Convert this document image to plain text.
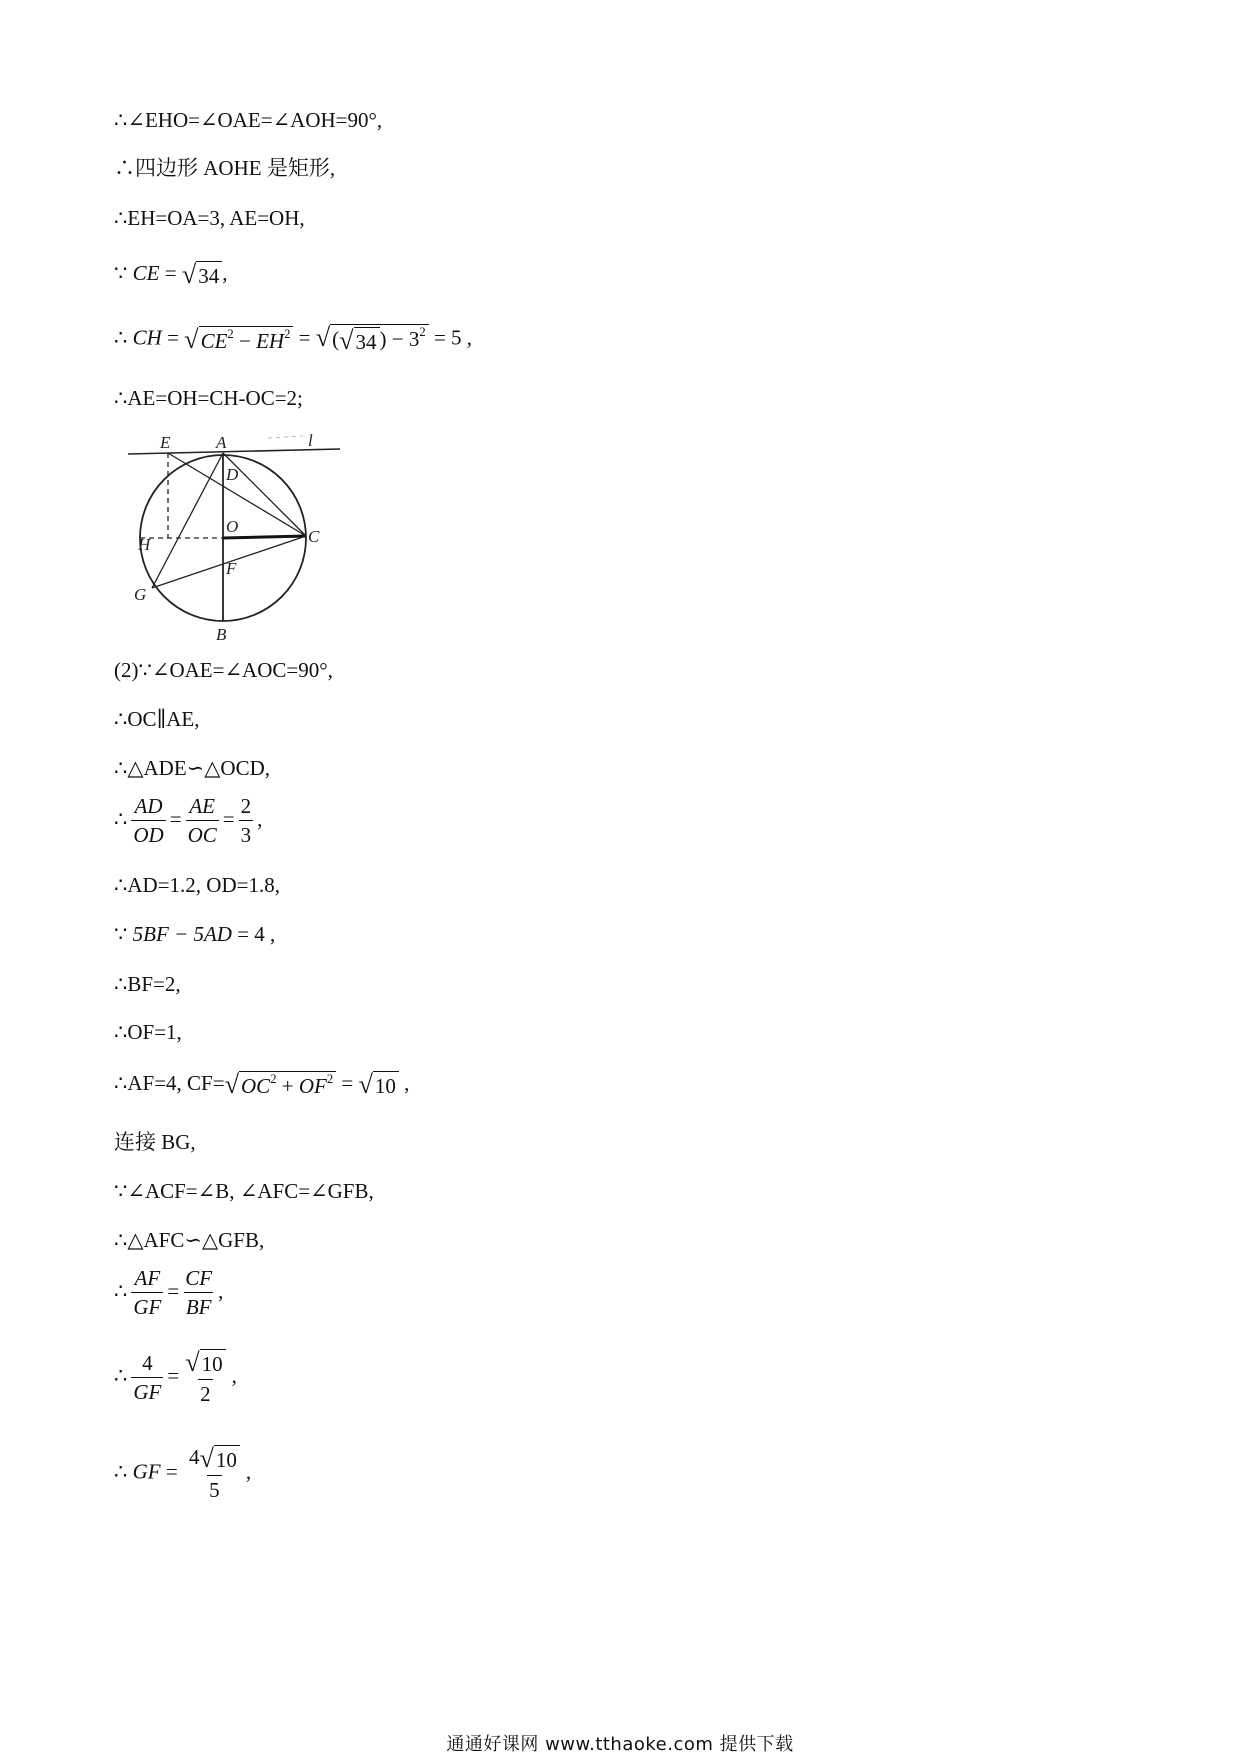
∴∠EHO=∠OAE=∠AOH=90°,
∴四边形 AOHE 是矩形,
∴EH=OA=3, AE=OH,
∵ CE = √34 ,
∴ CH = $√CE^2 - EH^2 = √(√34$ ) − $3^2 = 5$ ,
∴AE=OH=CH-OC=2;
E	A	l
D
O
H	C
F
G
B
(2)∵∠OAE=∠AOC=90°,
∴OC∥AE,
∴△ADE∽△OCD,
∴ $\frac{AD}{OD} = \frac{AE}{OC} = \frac{2}{3}$ ,
∴AD=1.2, OD=1.8,
∵ 5BF − 5AD = 4 ,
∴BF=2,
∴OF=1,
∴AF=4, $CF=√OC^2 + OF^2 = √10$ ,
连接 BG,
∵∠ACF=∠B, ∠AFC=∠GFB,
∴△AFC∽△GFB,
∴ $\frac{AF}{GF} = \frac{CF}{BF}$ ,
∴ $\frac{4}{GF} = \frac{√10}{2}$ ,
∴ GF = $\frac{4√10}{5}$ ,
通通好课网 www.tthaoke.com 提供下载
